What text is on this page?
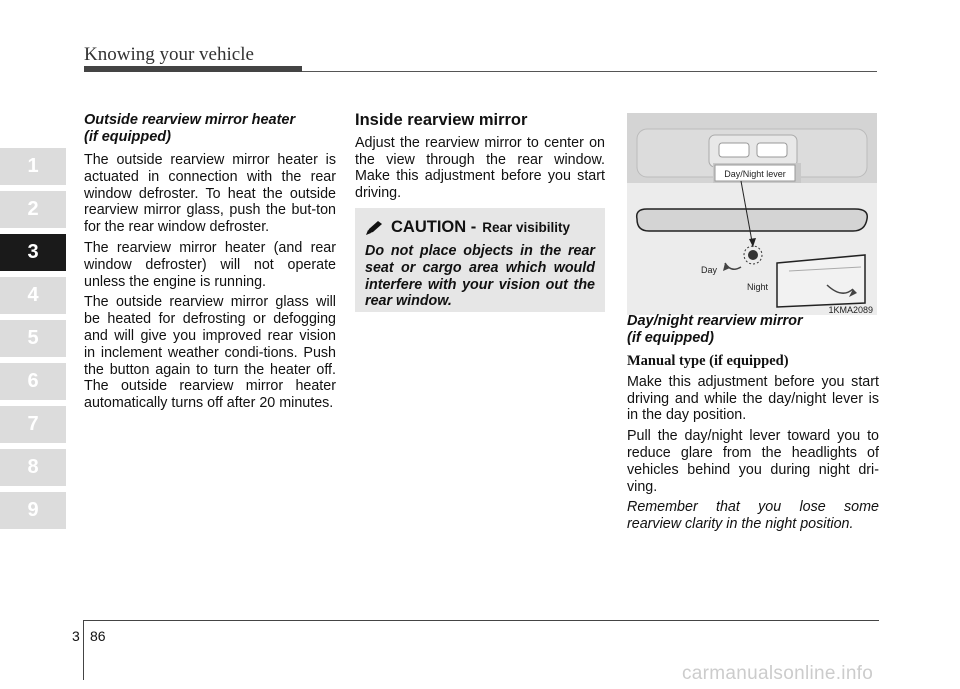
Knowing your vehicle
1
2
3
4
5
6
7
8
9
Outside rearview mirror heater
(if equipped)

The outside rearview mirror heater is actuated in connection with the rear window defroster. To heat the outside rearview mirror glass, push the but-ton for the rear window defroster.

The rearview mirror heater (and rear window defroster) will not operate unless the engine is running.

The outside rearview mirror glass will be heated for defrosting or defogging and will give you improved rear vision in inclement weather condi-tions. Push the button again to turn the heater off. The outside rearview mirror heater automatically turns off after 20 minutes.

Inside rearview mirror

Adjust the rearview mirror to center on the view through the rear window. Make this adjustment before you start driving.

CAUTION - Rear visibility

Do not place objects in the rear seat or cargo area which would interfere with your vision out the rear window.

Day/Night lever
Day
Night
1KMA2089
Day/night rearview mirror
(if equipped)
Manual type (if equipped)

Make this adjustment before you start driving and while the day/night lever is in the day position.

Pull the day/night lever toward you to reduce glare from the headlights of vehicles behind you during night dri-ving.

Remember that you lose some rearview clarity in the night position.

3 86
carmanualsonline.info
